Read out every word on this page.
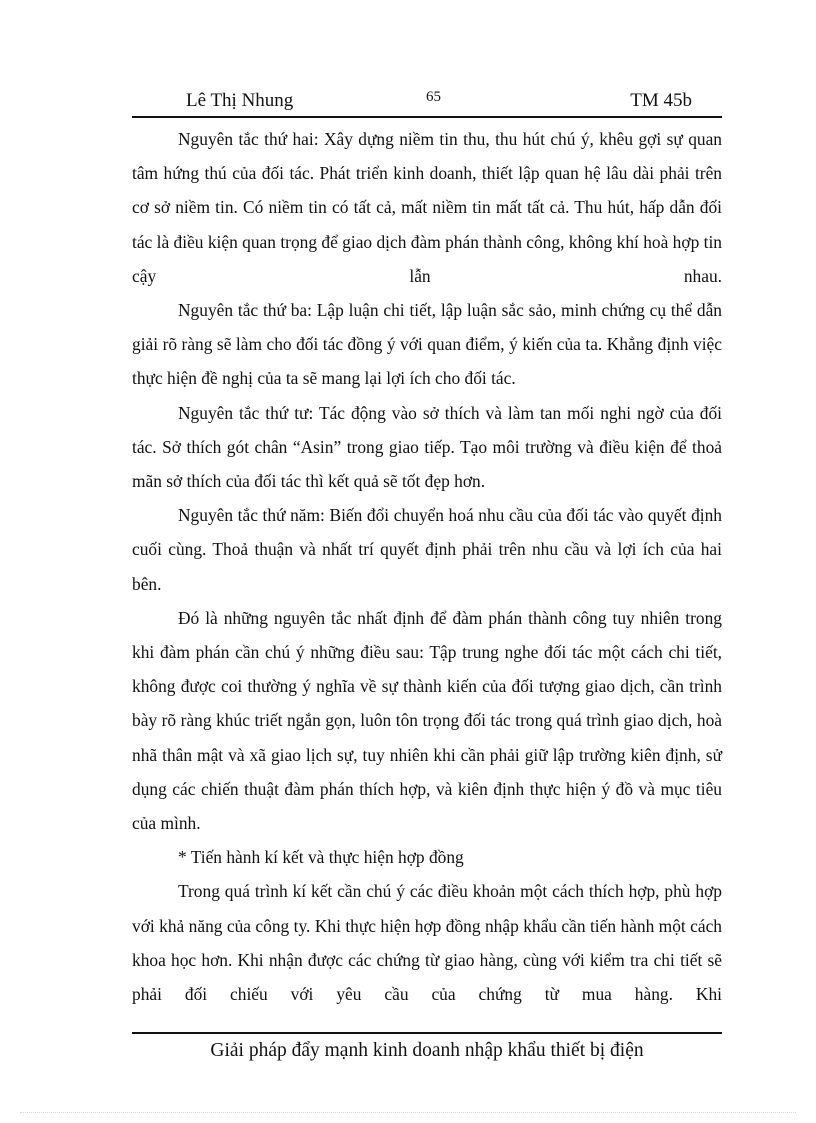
Lê Thị Nhung	65	TM 45b

Nguyên tắc thứ hai: Xây dựng niềm tin thu, thu hút chú ý, khêu gợi sự quan tâm hứng thú của đối tác. Phát triển kinh doanh, thiết lập quan hệ lâu dài phải trên cơ sở niềm tin. Có niềm tin có tất cả, mất niềm tin mất tất cả. Thu hút, hấp dẫn đối tác là điều kiện quan trọng để giao dịch đàm phán thành công, không khí hoà hợp tin cậy lẫn nhau.

Nguyên tắc thứ ba: Lập luận chi tiết, lập luận sắc sảo, minh chứng cụ thể dẫn giải rõ ràng sẽ làm cho đối tác đồng ý với quan điểm, ý kiến của ta. Khẳng định việc thực hiện đề nghị của ta sẽ mang lại lợi ích cho đối tác.

Nguyên tắc thứ tư: Tác động vào sở thích và làm tan mối nghi ngờ của đối tác. Sở thích gót chân “Asin” trong giao tiếp. Tạo môi trường và điều kiện để thoả mãn sở thích của đối tác thì kết quả sẽ tốt đẹp hơn.

Nguyên tắc thứ năm: Biến đổi chuyển hoá nhu cầu của đối tác vào quyết định cuối cùng. Thoả thuận và nhất trí quyết định phải trên nhu cầu và lợi ích của hai bên.

Đó là những nguyên tắc nhất định để đàm phán thành công tuy nhiên trong khi đàm phán cần chú ý những điều sau: Tập trung nghe đối tác một cách chi tiết, không được coi thường ý nghĩa về sự thành kiến của đối tượng giao dịch, cần trình bày rõ ràng khúc triết ngắn gọn, luôn tôn trọng đối tác trong quá trình giao dịch, hoà nhã thân mật và xã giao lịch sự, tuy nhiên khi cần phải giữ lập trường kiên định, sử dụng các chiến thuật đàm phán thích hợp, và kiên định thực hiện ý đồ và mục tiêu của mình.

* Tiến hành kí kết và thực hiện hợp đồng

Trong quá trình kí kết cần chú ý các điều khoản một cách thích hợp, phù hợp với khả năng của công ty. Khi thực hiện hợp đồng nhập khẩu cần tiến hành một cách khoa học hơn. Khi nhận được các chứng từ giao hàng, cùng với kiểm tra chi tiết sẽ phải đối chiếu với yêu cầu của chứng từ mua hàng. Khi

Giải pháp đẩy mạnh kinh doanh nhập khẩu thiết bị điện
